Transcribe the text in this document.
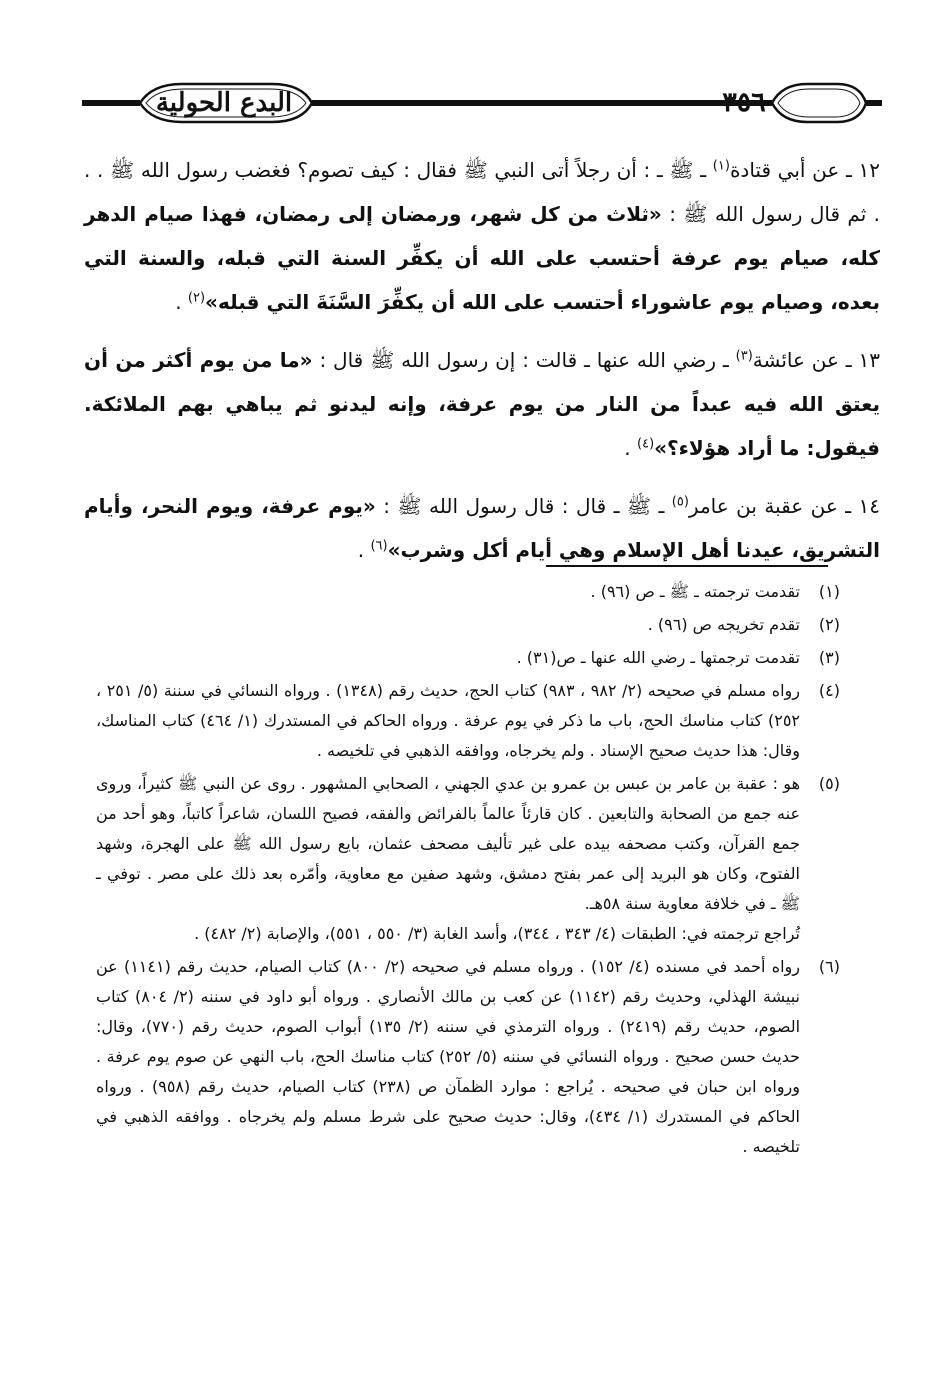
٣٥٦
البدع الحولية

١٢ ـ عن أبي قتادة$^{(١)}$ ـ ﷺ ـ : أن رجلاً أتى النبي ﷺ فقال : كيف تصوم؟ فغضب رسول الله ﷺ . . . ثم قال رسول الله ﷺ : «ثلاث من كل شهر، ورمضان إلى رمضان، فهذا صيام الدهر كله، صيام يوم عرفة أحتسب على الله أن يكفِّر السنة التي قبله، والسنة التي بعده، وصيام يوم عاشوراء أحتسب على الله أن يكفِّرَ السَّنَةَ التي قبله»$^{(٢)}$ .

١٣ ـ عن عائشة$^{(٣)}$ ـ رضي الله عنها ـ قالت : إن رسول الله ﷺ قال : «ما من يوم أكثر من أن يعتق الله فيه عبداً من النار من يوم عرفة، وإنه ليدنو ثم يباهي بهم الملائكة. فيقول: ما أراد هؤلاء؟»$^{(٤)}$ .

١٤ ـ عن عقبة بن عامر$^{(٥)}$ ـ ﷺ ـ قال : قال رسول الله ﷺ : «يوم عرفة، ويوم النحر، وأيام التشريق، عيدنا أهل الإسلام وهي أيام أكل وشرب»$^{(٦)}$ .

(١)
تقدمت ترجمته ـ ﷺ ـ ص (٩٦) .
(٢)
تقدم تخريجه ص (٩٦) .
(٣)
تقدمت ترجمتها ـ رضي الله عنها ـ ص(٣١) .
(٤)
رواه مسلم في صحيحه (٢/ ٩٨٢ ، ٩٨٣) كتاب الحج، حديث رقم (١٣٤٨) . ورواه النسائي في سننة (٥/ ٢٥١ ، ٢٥٢) كتاب مناسك الحج، باب ما ذكر في يوم عرفة . ورواه الحاكم في المستدرك (١/ ٤٦٤) كتاب المناسك، وقال: هذا حديث صحيح الإسناد . ولم يخرجاه، ووافقه الذهبي في تلخيصه .
(٥)
هو : عقبة بن عامر بن عبس بن عمرو بن عدي الجهني ، الصحابي المشهور . روى عن النبي ﷺ كثيراً، وروى عنه جمع من الصحابة والتابعين . كان قارئاً عالماً بالفرائض والفقه، فصيح اللسان، شاعراً كاتباً، وهو أحد من جمع القرآن، وكتب مصحفه بيده على غير تأليف مصحف عثمان، بايع رسول الله ﷺ على الهجرة، وشهد الفتوح، وكان هو البريد إلى عمر بفتح دمشق، وشهد صفين مع معاوية، وأمّره بعد ذلك على مصر . توفي ـ ﷺ ـ في خلافة معاوية سنة ٥٨هـ.
تُراجع ترجمته في: الطبقات (٤/ ٣٤٣ ، ٣٤٤)، وأسد الغابة (٣/ ٥٥٠ ، ٥٥١)، والإصابة (٢/ ٤٨٢) .
(٦)
رواه أحمد في مسنده (٤/ ١٥٢) . ورواه مسلم في صحيحه (٢/ ٨٠٠) كتاب الصيام، حديث رقم (١١٤١) عن نبيشة الهذلي، وحديث رقم (١١٤٢) عن كعب بن مالك الأنصاري . ورواه أبو داود في سننه (٢/ ٨٠٤) كتاب الصوم، حديث رقم (٢٤١٩) . ورواه الترمذي في سننه (٢/ ١٣٥) أبواب الصوم، حديث رقم (٧٧٠)، وقال: حديث حسن صحيح . ورواه النسائي في سننه (٥/ ٢٥٢) كتاب مناسك الحج، باب النهي عن صوم يوم عرفة . ورواه ابن حبان في صحيحه . يُراجع : موارد الظمآن ص (٢٣٨) كتاب الصيام، حديث رقم (٩٥٨) . ورواه الحاكم في المستدرك (١/ ٤٣٤)، وقال: حديث صحيح على شرط مسلم ولم يخرجاه . ووافقه الذهبي في تلخيصه .
